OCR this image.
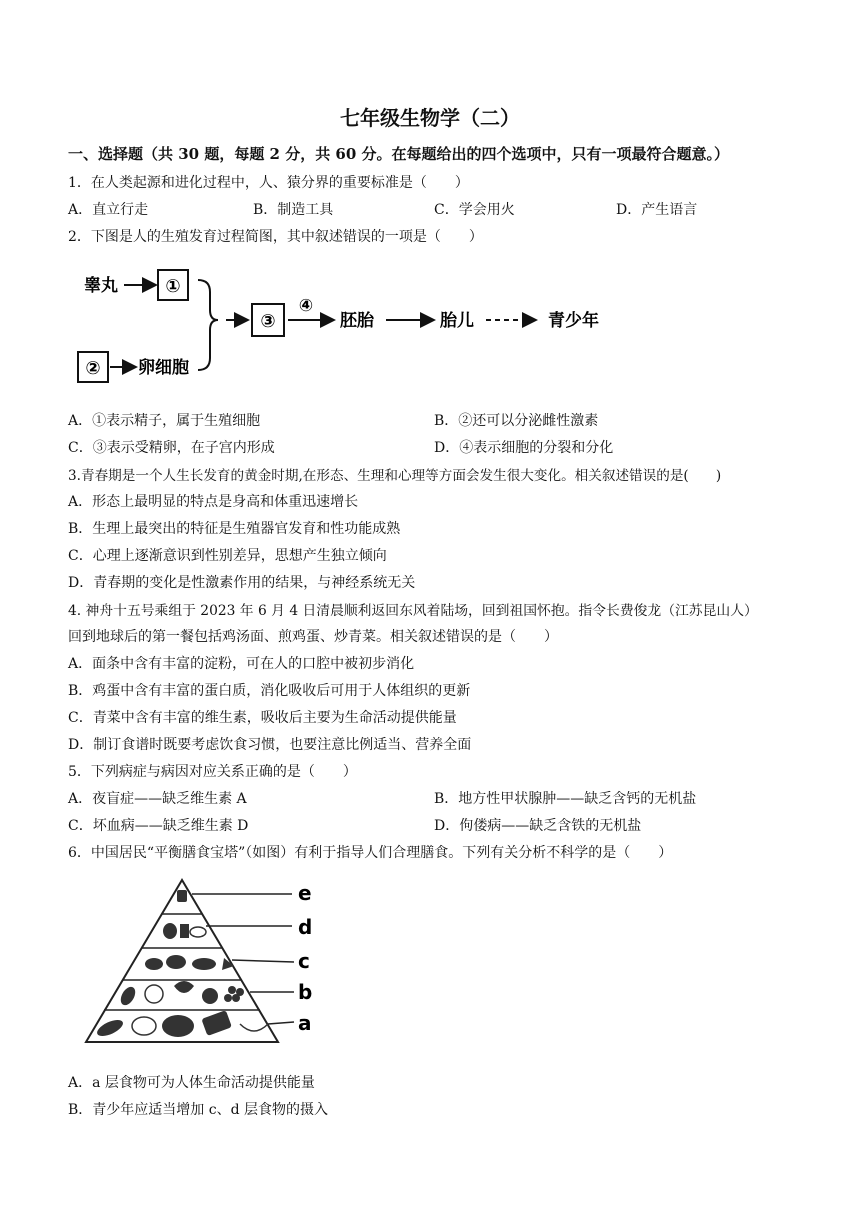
七年级生物学（二）
一、选择题（共 30 题，每题 2 分，共 60 分。在每题给出的四个选项中，只有一项最符合题意。）
1．在人类起源和进化过程中，人、猿分界的重要标准是（　　）
A．直立行走	B．制造工具	C．学会用火	D．产生语言
2．下图是人的生殖发育过程简图，其中叙述错误的一项是（　　）
睾丸	①
② 卵细胞
③
④
胚胎	胎儿	青少年
A．①表示精子，属于生殖细胞	B．②还可以分泌雌性激素
C．③表示受精卵，在子宫内形成	D．④表示细胞的分裂和分化
3.青春期是一个人生长发育的黄金时期,在形态、生理和心理等方面会发生很大变化。相关叙述错误的是(　　)
A．形态上最明显的特点是身高和体重迅速增长
B．生理上最突出的特征是生殖器官发育和性功能成熟
C．心理上逐渐意识到性别差异，思想产生独立倾向
D．青春期的变化是性激素作用的结果，与神经系统无关
4. 神舟十五号乘组于 2023 年 6 月 4 日清晨顺利返回东风着陆场，回到祖国怀抱。指令长费俊龙（江苏昆山人）
回到地球后的第一餐包括鸡汤面、煎鸡蛋、炒青菜。相关叙述错误的是（　　）
A．面条中含有丰富的淀粉，可在人的口腔中被初步消化
B．鸡蛋中含有丰富的蛋白质，消化吸收后可用于人体组织的更新
C．青菜中含有丰富的维生素，吸收后主要为生命活动提供能量
D．制订食谱时既要考虑饮食习惯，也要注意比例适当、营养全面
5．下列病症与病因对应关系正确的是（　　）
A．夜盲症——缺乏维生素 A	B．地方性甲状腺肿——缺乏含钙的无机盐
C．坏血病——缺乏维生素 D	D．佝偻病——缺乏含铁的无机盐
6．中国居民“平衡膳食宝塔”（如图）有利于指导人们合理膳食。下列有关分析不科学的是（　　）
e
d
c
b
a
A．a 层食物可为人体生命活动提供能量
B．青少年应适当增加 c、d 层食物的摄入
